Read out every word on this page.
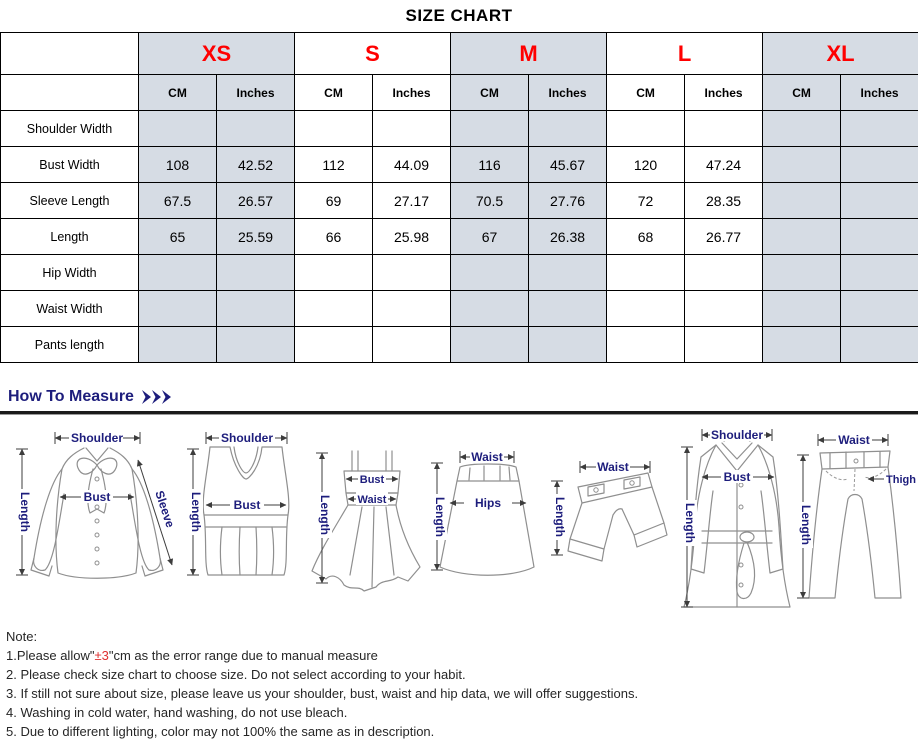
SIZE CHART
	XS		S		M		L		XL	
	CM	Inches	CM	Inches	CM	Inches	CM	Inches	CM	Inches
Shoulder Width										
Bust Width	108	42.52	112	44.09	116	45.67	120	47.24		
Sleeve Length	67.5	26.57	69	27.17	70.5	27.76	72	28.35		
Length	65	25.59	66	25.98	67	26.38	68	26.77		
Hip Width										
Waist Width										
Pants length										
How To Measure
Shoulder
Bust
Length	Sleeve
Shoulder
Bust
Length
Bust
Waist
Length
Waist
Hips
Length
Waist
Length
Shoulder
Bust
Length
Waist
Thigh
Length
Note:
1.Please allow"±3"cm as the error range due to manual measure
2. Please check size chart to choose size. Do not select according to your habit.
3. If still not sure about size, please leave us your shoulder, bust, waist and hip data, we will offer suggestions.
4. Washing in cold water, hand washing, do not use bleach.
5. Due to different lighting, color may not 100% the same as in description.
